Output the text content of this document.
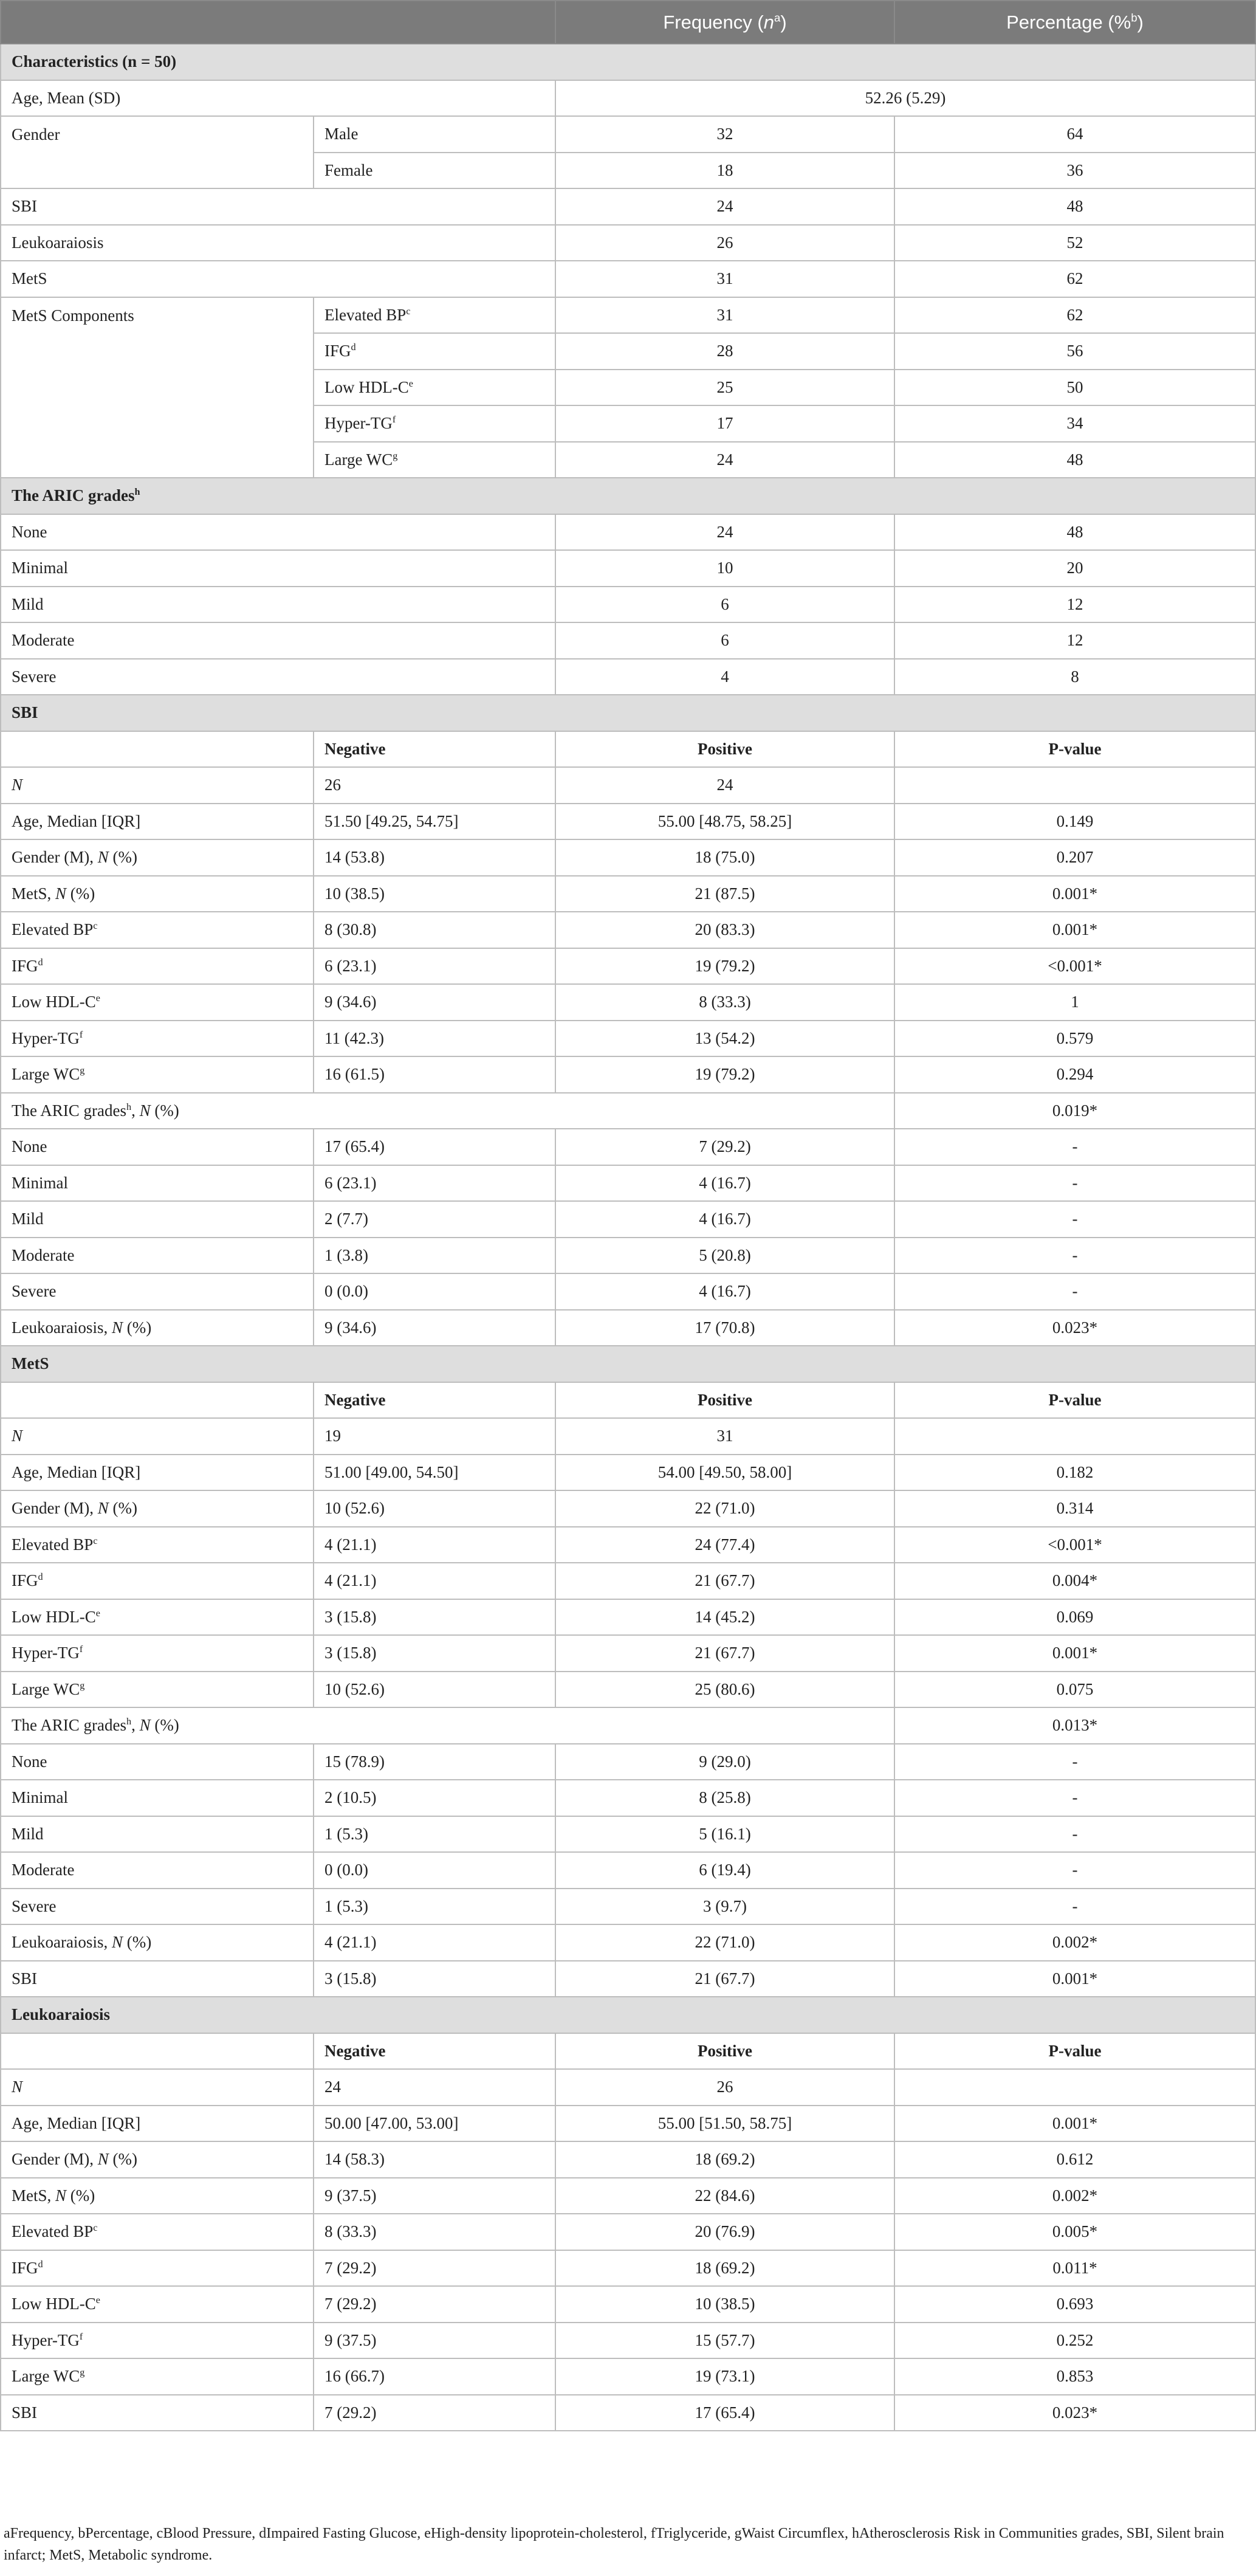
		Frequency $(n^a)$	Percentage (%$^b$)
Characteristics (n = 50)			
Age, Mean (SD)		52.26 (5.29)	
Gender	Male	32	64
	Female	18	36
SBI		24	48
Leukoaraiosis		26	52
MetS		31	62
MetS Components	Elevated $BP^c$	31	62
	IFG$^d$	28	56
	Low HDL-Ce	25	50
	Hyper-$TG^f$	17	34
	Large $WC^g$	24	48
The ARIC grades$^h$
None		24	48
Minimal		10	20
Mild		6	12
Moderate		6	12
Severe		4	8
SBI			
	Negative	Positive	P-value
N	26	24	
Age, Median [IQR]	51.50 [49.25, 54.75]	55.00 [48.75, 58.25]	0.149
Gender (M), N (%)	14 (53.8)	18 (75.0)	0.207
MetS, N (%)	10 (38.5)	21 (87.5)	0.001*
Elevated $BP^c$	8 (30.8)	20 (83.3)	0.001*
IFG$^d$	6 (23.1)	19 (79.2)	<0.001*
Low HDL-Ce	9 (34.6)	8 (33.3)	1
Hyper-$TG^f$	11 (42.3)	13 (54.2)	0.579
Large $WC^g$	16 (61.5)	19 (79.2)	0.294
The ARIC grades$^h$, N (%)			0.019*
None	17 (65.4)	7 (29.2)	-
Minimal	6 (23.1)	4 (16.7)	-
Mild	2 (7.7)	4 (16.7)	-
Moderate	1 (3.8)	5 (20.8)	-
Severe	0 (0.0)	4 (16.7)	-
Leukoaraiosis, N (%)	9 (34.6)	17 (70.8)	0.023*
MetS			
	Negative	Positive	P-value
N	19	31	
Age, Median [IQR]	51.00 [49.00, 54.50]	54.00 [49.50, 58.00]	0.182
Gender (M), N (%)	10 (52.6)	22 (71.0)	0.314
Elevated $BP^c$	4 (21.1)	24 (77.4)	<0.001*
IFG$^d$	4 (21.1)	21 (67.7)	0.004*
Low HDL-Ce	3 (15.8)	14 (45.2)	0.069
Hyper-$TG^f$	3 (15.8)	21 (67.7)	0.001*
Large $WC^g$	10 (52.6)	25 (80.6)	0.075
The ARIC grades$^h$, N (%)			0.013*
None	15 (78.9)	9 (29.0)	-
Minimal	2 (10.5)	8 (25.8)	-
Mild	1 (5.3)	5 (16.1)	-
Moderate	0 (0.0)	6 (19.4)	-
Severe	1 (5.3)	3 (9.7)	-
Leukoaraiosis, N (%)	4 (21.1)	22 (71.0)	0.002*
SBI	3 (15.8)	21 (67.7)	0.001*
Leukoaraiosis			
	Negative	Positive	P-value
N	24	26	
Age, Median [IQR]	50.00 [47.00, 53.00]	55.00 [51.50, 58.75]	0.001*
Gender (M), N (%)	14 (58.3)	18 (69.2)	0.612
MetS, N (%)	9 (37.5)	22 (84.6)	0.002*
Elevated $BP^c$	8 (33.3)	20 (76.9)	0.005*
IFG$^d$	7 (29.2)	18 (69.2)	0.011*
Low HDL-Ce	7 (29.2)	10 (38.5)	0.693
Hyper-$TG^f$	9 (37.5)	15 (57.7)	0.252
Large $WC^g$	16 (66.7)	19 (73.1)	0.853
SBI	7 (29.2)	17 (65.4)	0.023*
aFrequency, bPercentage, cBlood Pressure, dImpaired Fasting Glucose, eHigh-density lipoprotein-cholesterol, fTriglyceride, gWaist Circumflex, hAtherosclerosis Risk in Communities grades, SBI, Silent brain infarct; MetS, Metabolic syndrome.
